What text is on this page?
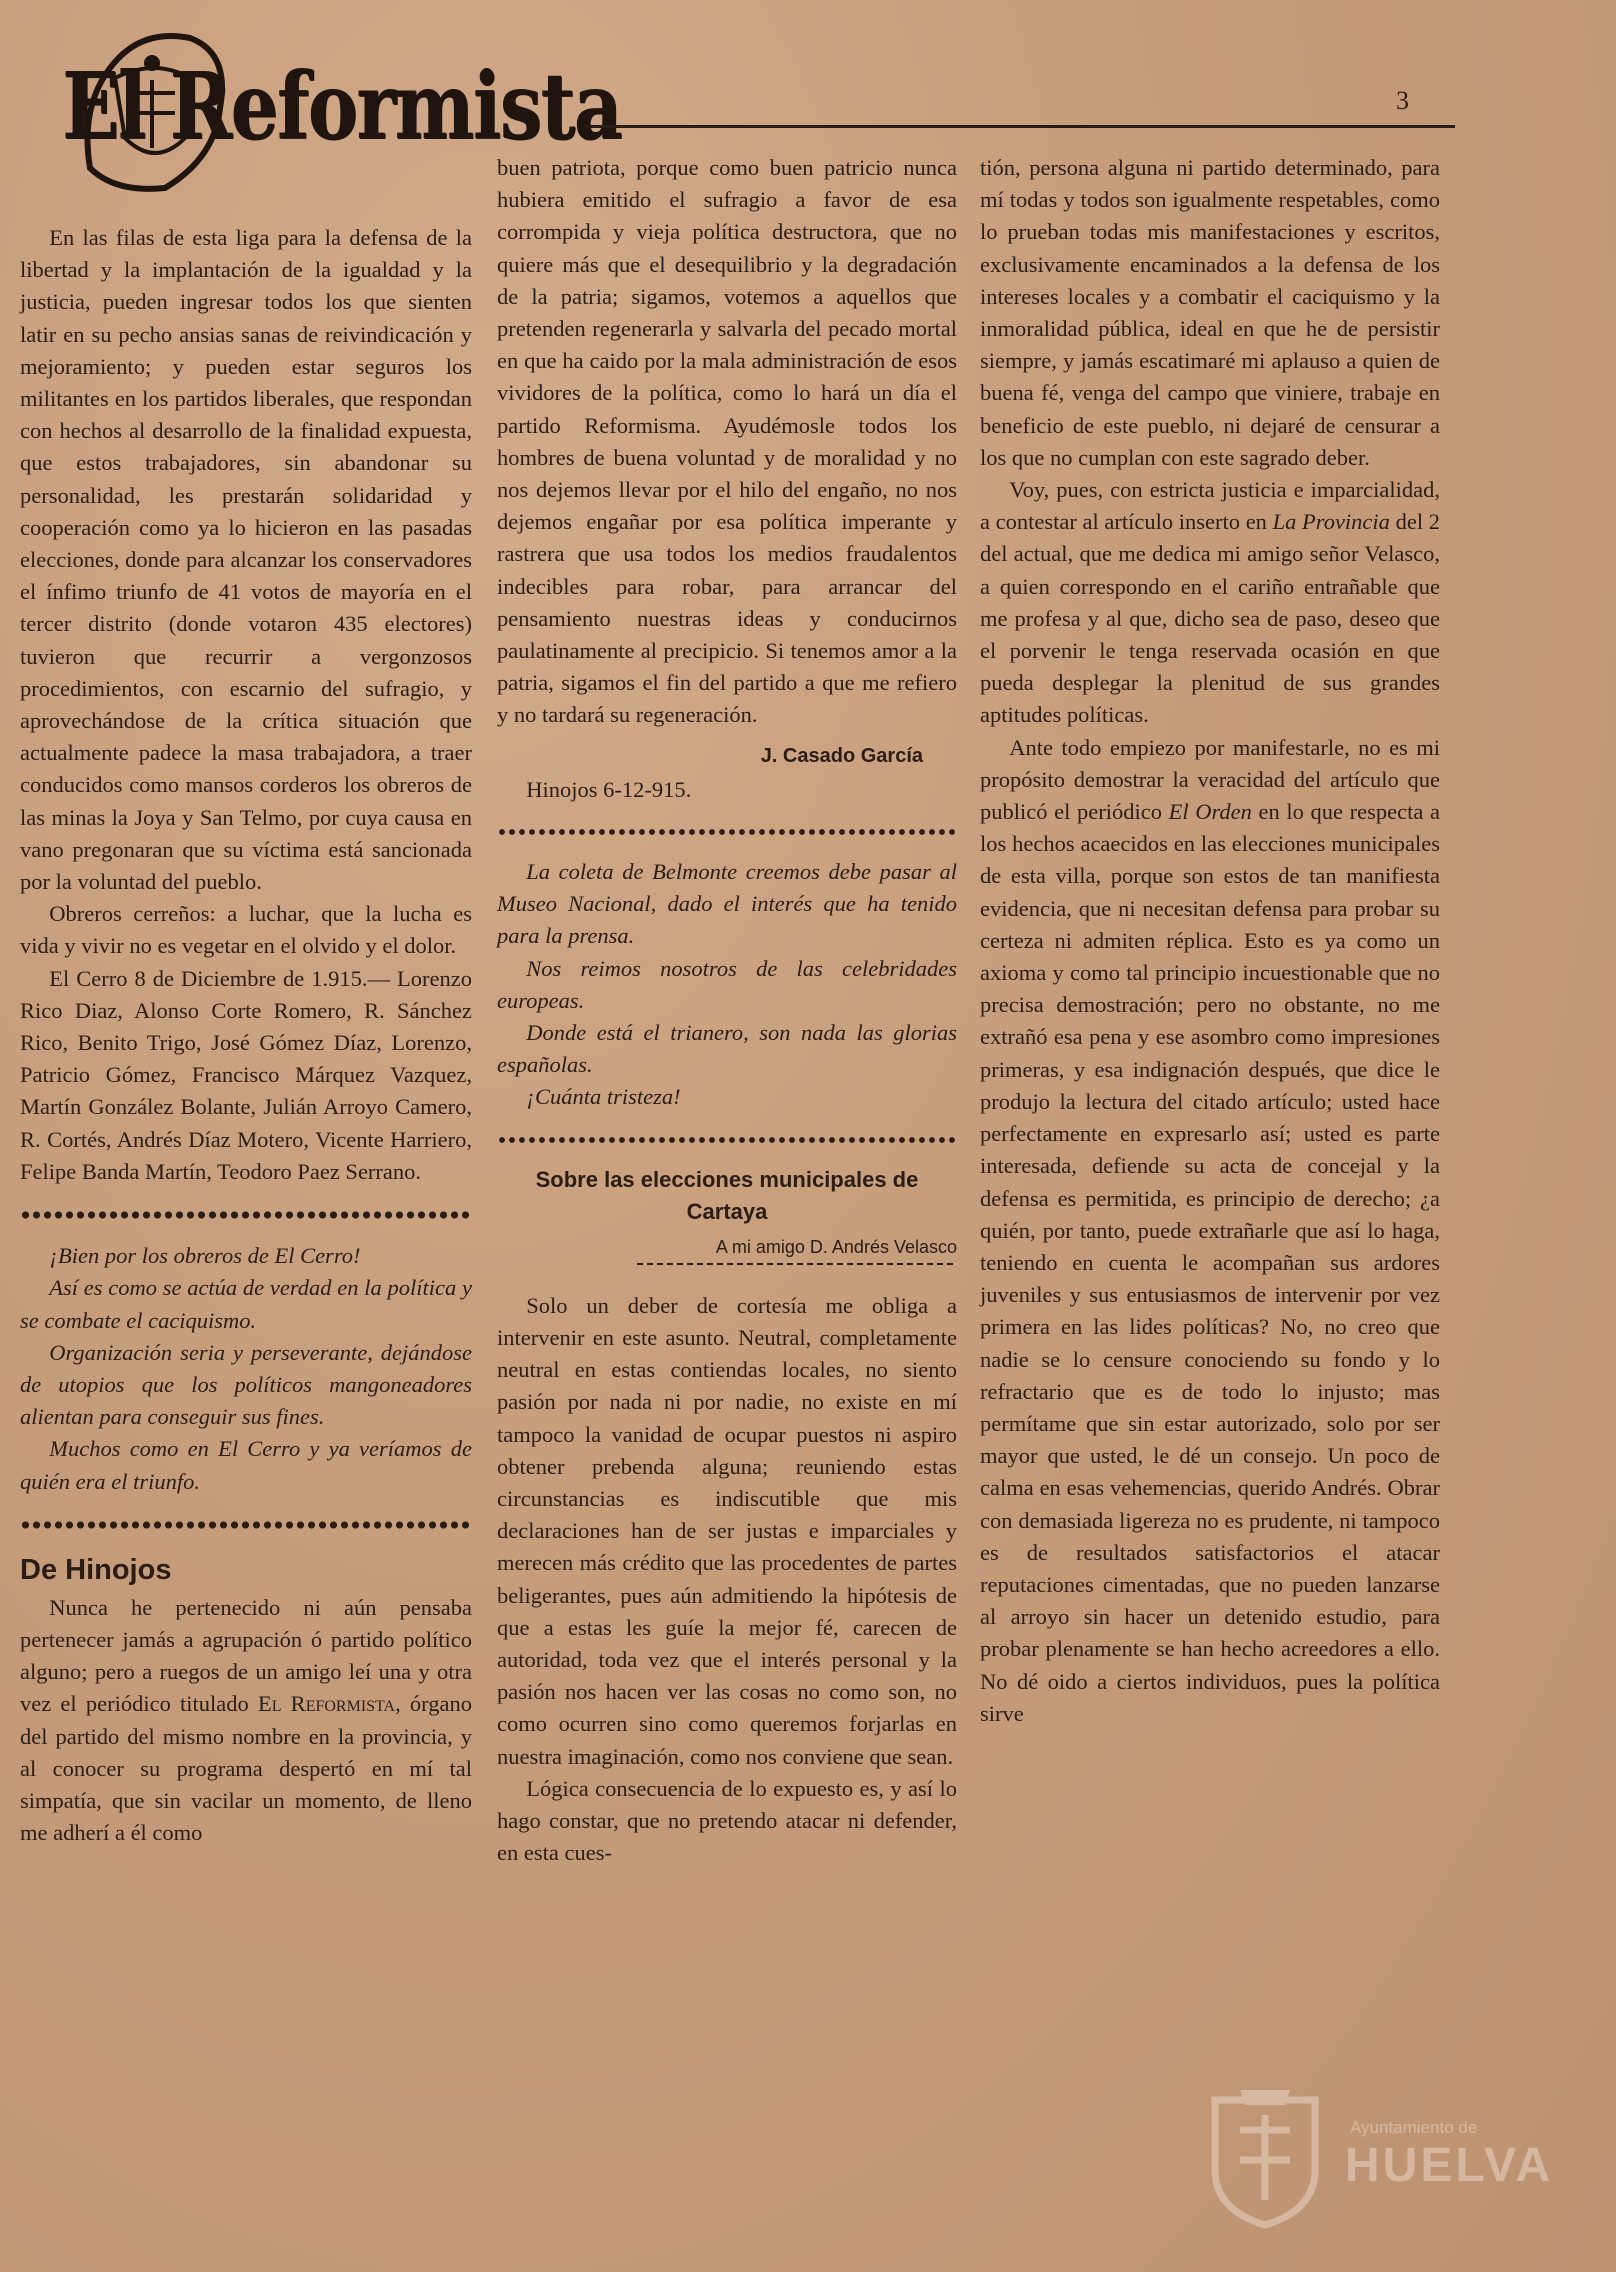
El Reformista	3

En las filas de esta liga para la defensa de la libertad y la implantación de la igualdad y la justicia, pueden ingresar todos los que sienten latir en su pecho ansias sanas de reivindicación y mejoramiento; y pueden estar seguros los militantes en los partidos liberales, que respondan con hechos al desarrollo de la finalidad expuesta, que estos trabajadores, sin abandonar su personalidad, les prestarán solidaridad y cooperación como ya lo hicieron en las pasadas elecciones, donde para alcanzar los conservadores el ínfimo triunfo de 41 votos de mayoría en el tercer distrito (donde votaron 435 electores) tuvieron que recurrir a vergonzosos procedimientos, con escarnio del sufragio, y aprovechándose de la crítica situación que actualmente padece la masa trabajadora, a traer conducidos como mansos corderos los obreros de las minas la Joya y San Telmo, por cuya causa en vano pregonaran que su víctima está sancionada por la voluntad del pueblo.

Obreros cerreños: a luchar, que la lucha es vida y vivir no es vegetar en el olvido y el dolor.

El Cerro 8 de Diciembre de 1.915.— Lorenzo Rico Diaz, Alonso Corte Romero, R. Sánchez Rico, Benito Trigo, José Gómez Díaz, Lorenzo, Patricio Gómez, Francisco Márquez Vazquez, Martín González Bolante, Julián Arroyo Camero, R. Cortés, Andrés Díaz Motero, Vicente Harriero, Felipe Banda Martín, Teodoro Paez Serrano.

¡Bien por los obreros de El Cerro!

Así es como se actúa de verdad en la política y se combate el caciquismo.

Organización seria y perseverante, dejándose de utopios que los políticos mangoneadores alientan para conseguir sus fines.

Muchos como en El Cerro y ya veríamos de quién era el triunfo.

De Hinojos

Nunca he pertenecido ni aún pensaba pertenecer jamás a agrupación ó partido político alguno; pero a ruegos de un amigo leí una y otra vez el periódico titulado El Reformista, órgano del partido del mismo nombre en la provincia, y al conocer su programa despertó en mí tal simpatía, que sin vacilar un momento, de lleno me adherí a él como

buen patriota, porque como buen patricio nunca hubiera emitido el sufragio a favor de esa corrompida y vieja política destructora, que no quiere más que el desequilibrio y la degradación de la patria; sigamos, votemos a aquellos que pretenden regenerarla y salvarla del pecado mortal en que ha caido por la mala administración de esos vividores de la política, como lo hará un día el partido Reformisma. Ayudémosle todos los hombres de buena voluntad y de moralidad y no nos dejemos llevar por el hilo del engaño, no nos dejemos engañar por esa política imperante y rastrera que usa todos los medios fraudalentos indecibles para robar, para arrancar del pensamiento nuestras ideas y conducirnos paulatinamente al precipicio. Si tenemos amor a la patria, sigamos el fin del partido a que me refiero y no tardará su regeneración.

J. Casado García

Hinojos 6-12-915.

La coleta de Belmonte creemos debe pasar al Museo Nacional, dado el interés que ha tenido para la prensa.

Nos reimos nosotros de las celebridades europeas.

Donde está el trianero, son nada las glorias españolas.

¡Cuánta tristeza!

Sobre las elecciones municipales de Cartaya
A mi amigo D. Andrés Velasco

Solo un deber de cortesía me obliga a intervenir en este asunto. Neutral, completamente neutral en estas contiendas locales, no siento pasión por nada ni por nadie, no existe en mí tampoco la vanidad de ocupar puestos ni aspiro obtener prebenda alguna; reuniendo estas circunstancias es indiscutible que mis declaraciones han de ser justas e imparciales y merecen más crédito que las procedentes de partes beligerantes, pues aún admitiendo la hipótesis de que a estas les guíe la mejor fé, carecen de autoridad, toda vez que el interés personal y la pasión nos hacen ver las cosas no como son, no como ocurren sino como queremos forjarlas en nuestra imaginación, como nos conviene que sean.

Lógica consecuencia de lo expuesto es, y así lo hago constar, que no pretendo atacar ni defender, en esta cues-

tión, persona alguna ni partido determinado, para mí todas y todos son igualmente respetables, como lo prueban todas mis manifestaciones y escritos, exclusivamente encaminados a la defensa de los intereses locales y a combatir el caciquismo y la inmoralidad pública, ideal en que he de persistir siempre, y jamás escatimaré mi aplauso a quien de buena fé, venga del campo que viniere, trabaje en beneficio de este pueblo, ni dejaré de censurar a los que no cumplan con este sagrado deber.

Voy, pues, con estricta justicia e imparcialidad, a contestar al artículo inserto en La Provincia del 2 del actual, que me dedica mi amigo señor Velasco, a quien correspondo en el cariño entrañable que me profesa y al que, dicho sea de paso, deseo que el porvenir le tenga reservada ocasión en que pueda desplegar la plenitud de sus grandes aptitudes políticas.

Ante todo empiezo por manifestarle, no es mi propósito demostrar la veracidad del artículo que publicó el periódico El Orden en lo que respecta a los hechos acaecidos en las elecciones municipales de esta villa, porque son estos de tan manifiesta evidencia, que ni necesitan defensa para probar su certeza ni admiten réplica. Esto es ya como un axioma y como tal principio incuestionable que no precisa demostración; pero no obstante, no me extrañó esa pena y ese asombro como impresiones primeras, y esa indignación después, que dice le produjo la lectura del citado artículo; usted hace perfectamente en expresarlo así; usted es parte interesada, defiende su acta de concejal y la defensa es permitida, es principio de derecho; ¿a quién, por tanto, puede extrañarle que así lo haga, teniendo en cuenta le acompañan sus ardores juveniles y sus entusiasmos de intervenir por vez primera en las lides políticas? No, no creo que nadie se lo censure conociendo su fondo y lo refractario que es de todo lo injusto; mas permítame que sin estar autorizado, solo por ser mayor que usted, le dé un consejo. Un poco de calma en esas vehemencias, querido Andrés. Obrar con demasiada ligereza no es prudente, ni tampoco es de resultados satisfactorios el atacar reputaciones cimentadas, que no pueden lanzarse al arroyo sin hacer un detenido estudio, para probar plenamente se han hecho acreedores a ello. No dé oido a ciertos individuos, pues la política sirve

Ayuntamiento de
HUELVA
